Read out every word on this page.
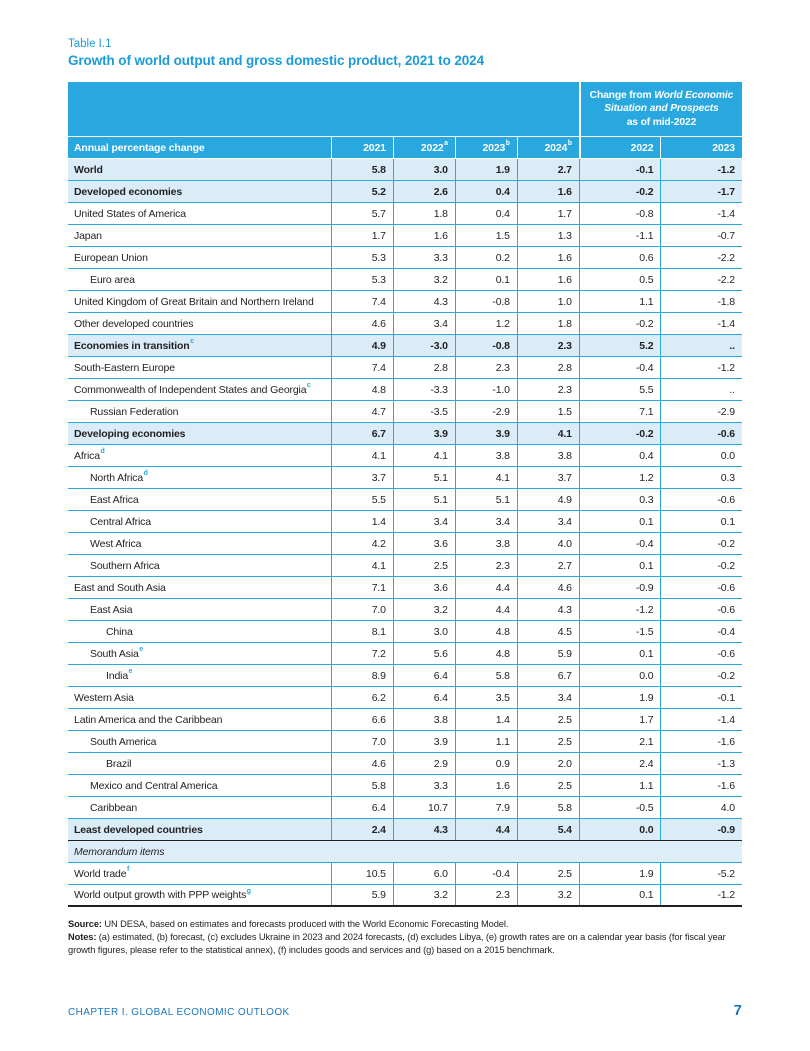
Table I.1
Growth of world output and gross domestic product, 2021 to 2024
Change from World Economic
Situation and Prospects
as of mid-2022
Annual percentage change	2021	2022$^a$	2023$^b$	2024$^b$	2022	2023
World	5.8	3.0	1.9	2.7	-0.1	-1.2
Developed economies	5.2	2.6	0.4	1.6	-0.2	-1.7
United States of America	5.7	1.8	0.4	1.7	-0.8	-1.4
Japan	1.7	1.6	1.5	1.3	-1.1	-0.7
European Union	5.3	3.3	0.2	1.6	0.6	-2.2
Euro area	5.3	3.2	0.1	1.6	0.5	-2.2
United Kingdom of Great Britain and Northern Ireland	7.4	4.3	-0.8	1.0	1.1	-1.8
Other developed countries	4.6	3.4	1.2	1.8	-0.2	-1.4
Economies in transition$^c$	4.9	-3.0	-0.8	2.3	5.2	..
South-Eastern Europe	7.4	2.8	2.3	2.8	-0.4	-1.2
Commonwealth of Independent States and Georgia$^c$	4.8	-3.3	-1.0	2.3	5.5	..
Russian Federation	4.7	-3.5	-2.9	1.5	7.1	-2.9
Developing economies	6.7	3.9	3.9	4.1	-0.2	-0.6
Africa$^d$	4.1	4.1	3.8	3.8	0.4	0.0
North Africa$^d$	3.7	5.1	4.1	3.7	1.2	0.3
East Africa	5.5	5.1	5.1	4.9	0.3	-0.6
Central Africa	1.4	3.4	3.4	3.4	0.1	0.1
West Africa	4.2	3.6	3.8	4.0	-0.4	-0.2
Southern Africa	4.1	2.5	2.3	2.7	0.1	-0.2
East and South Asia	7.1	3.6	4.4	4.6	-0.9	-0.6
East Asia	7.0	3.2	4.4	4.3	-1.2	-0.6
China	8.1	3.0	4.8	4.5	-1.5	-0.4
South Asia$^e$	7.2	5.6	4.8	5.9	0.1	-0.6
India$^e$	8.9	6.4	5.8	6.7	0.0	-0.2
Western Asia	6.2	6.4	3.5	3.4	1.9	-0.1
Latin America and the Caribbean	6.6	3.8	1.4	2.5	1.7	-1.4
South America	7.0	3.9	1.1	2.5	2.1	-1.6
Brazil	4.6	2.9	0.9	2.0	2.4	-1.3
Mexico and Central America	5.8	3.3	1.6	2.5	1.1	-1.6
Caribbean	6.4	10.7	7.9	5.8	-0.5	4.0
Least developed countries	2.4	4.3	4.4	5.4	0.0	-0.9
Memorandum items
World trade$^f$	10.5	6.0	-0.4	2.5	1.9	-5.2
World output growth with PPP weights$^g$	5.9	3.2	2.3	3.2	0.1	-1.2

Source: UN DESA, based on estimates and forecasts produced with the World Economic Forecasting Model.

Notes: (a) estimated, (b) forecast, (c) excludes Ukraine in 2023 and 2024 forecasts, (d) excludes Libya, (e) growth rates are on a calendar year basis (for fiscal year growth figures, please refer to the statistical annex), (f) includes goods and services and (g) based on a 2015 benchmark.

CHAPTER I. GLOBAL ECONOMIC OUTLOOK	7
